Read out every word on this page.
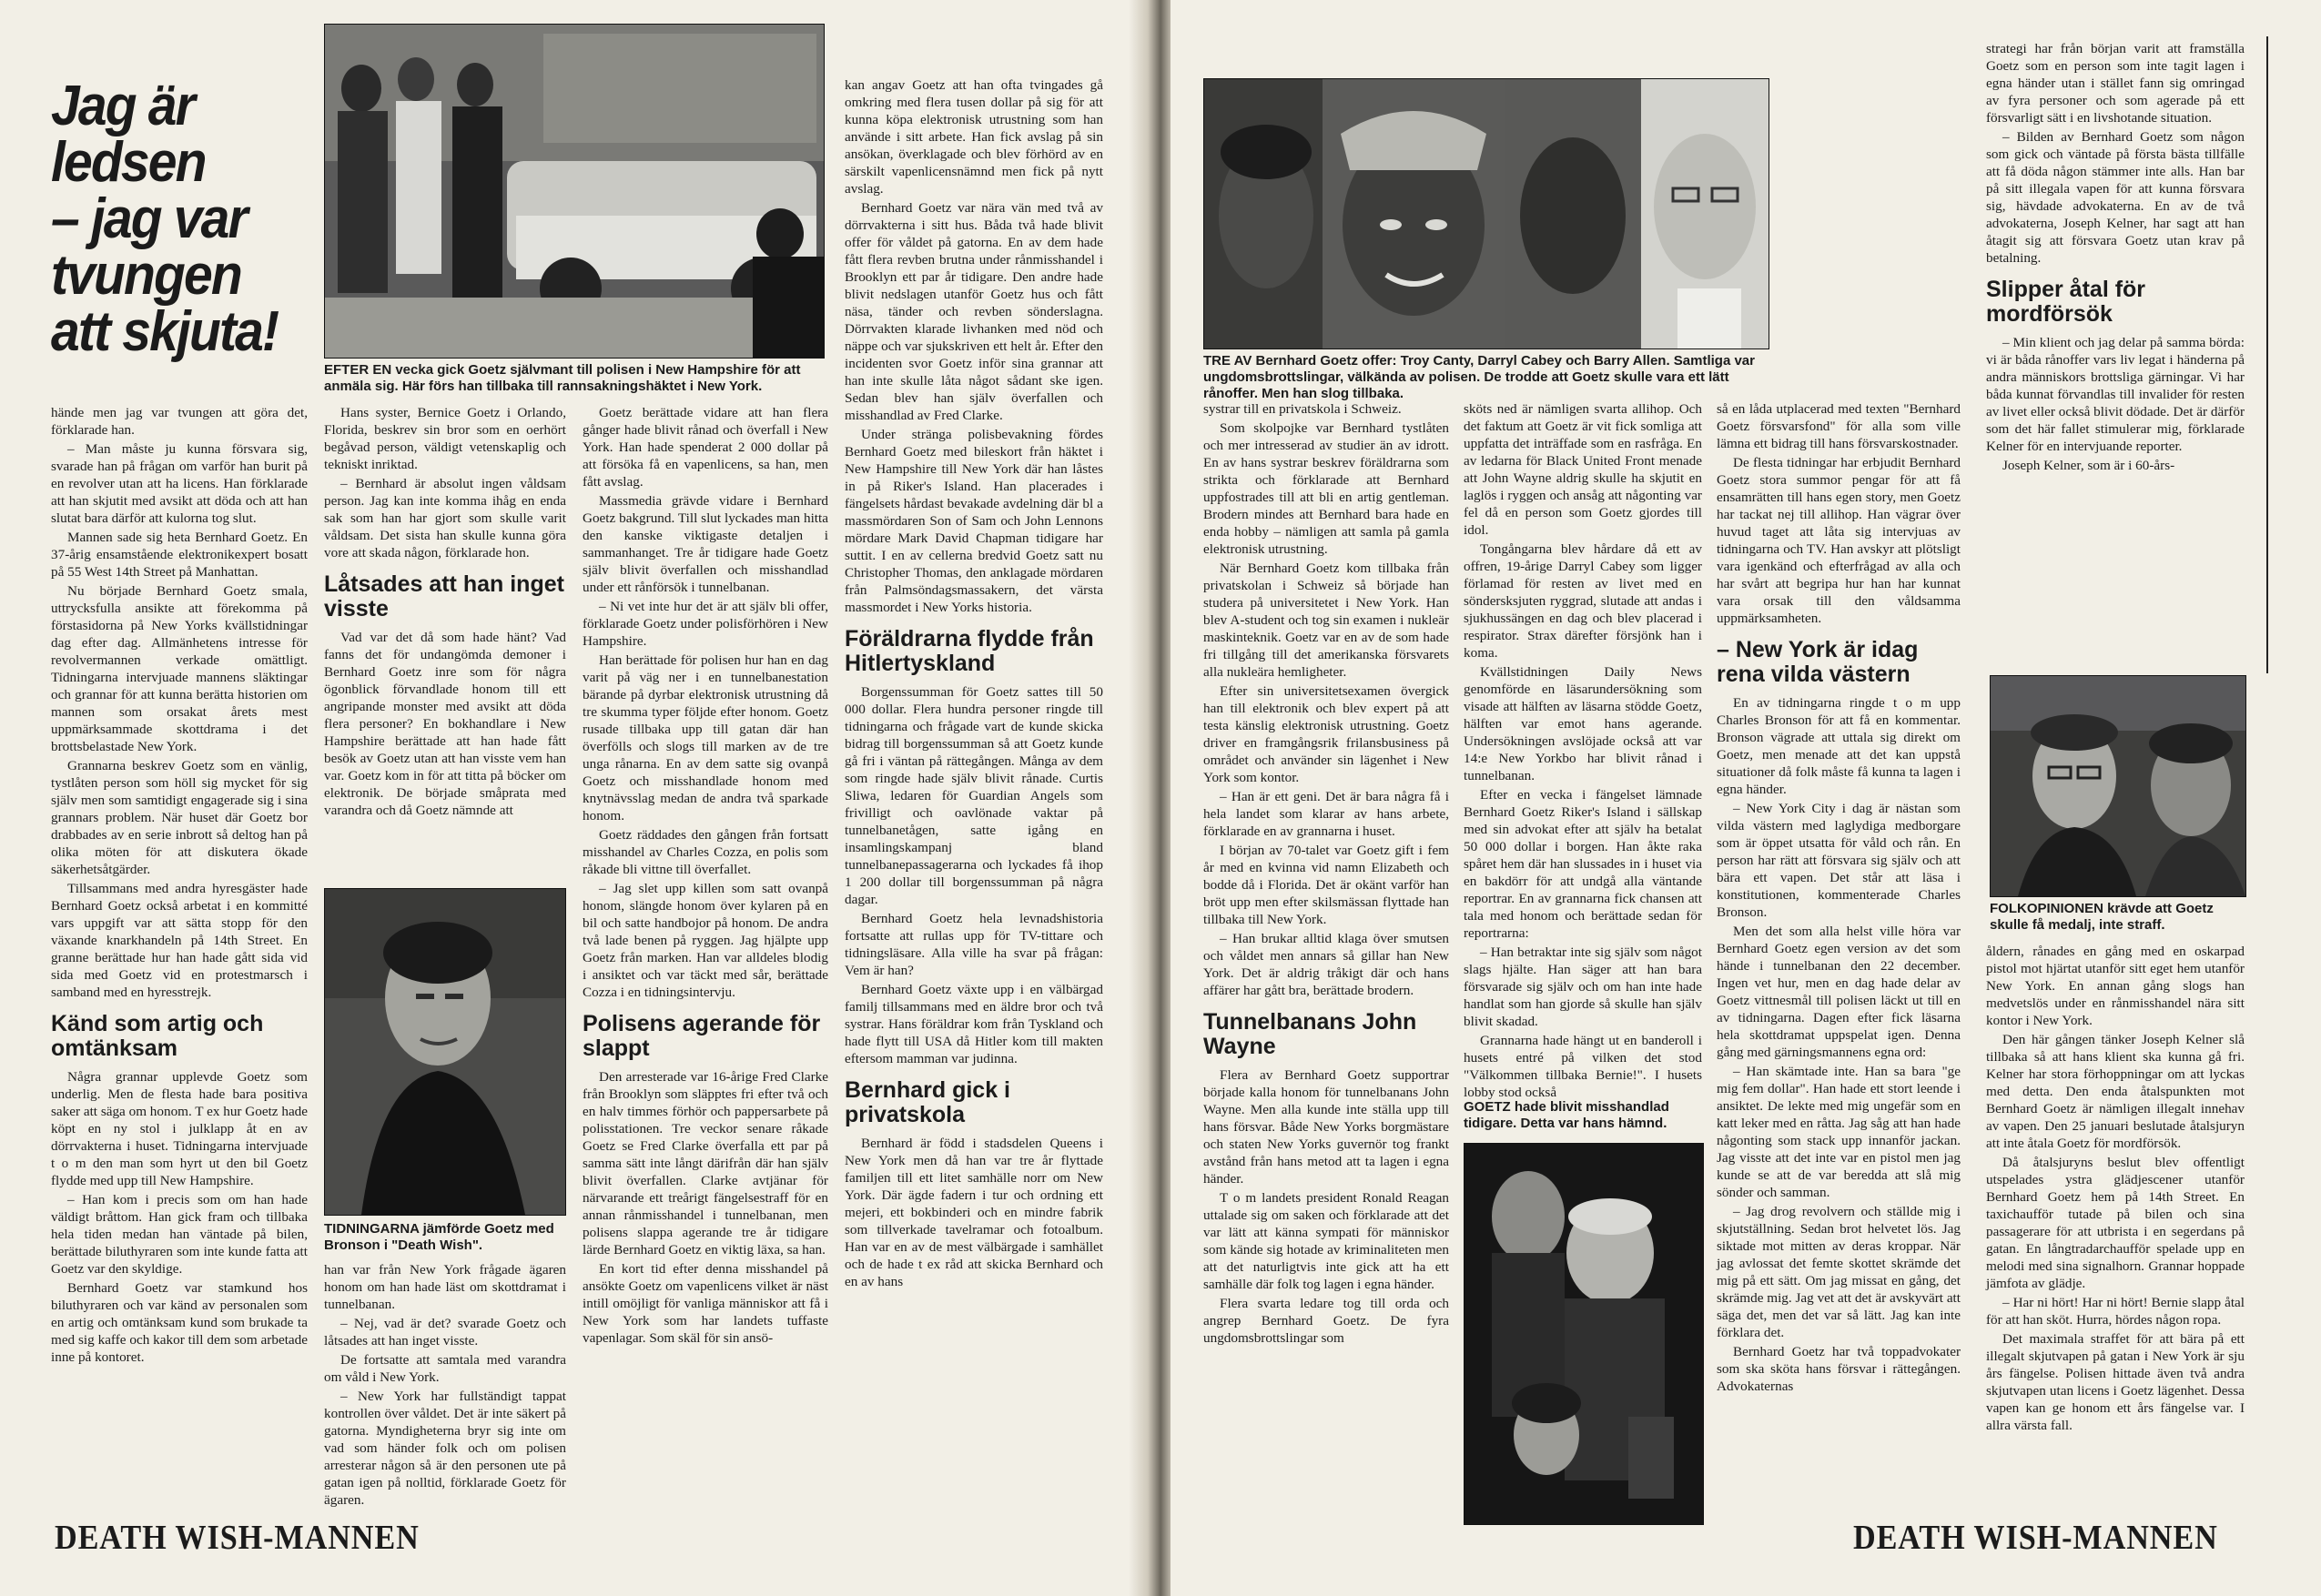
Jag är
ledsen
– jag var
tvungen
att skjuta!
EFTER EN vecka gick Goetz självmant till polisen i New Hampshire för att anmäla sig. Här förs han tillbaka till rannsakningshäktet i New York.

hände men jag var tvungen att göra det, förklarade han.

– Man måste ju kunna försvara sig, svarade han på frågan om varför han burit på en revolver utan att ha licens. Han förklarade att han skjutit med avsikt att döda och att han slutat bara därför att kulorna tog slut.

Mannen sade sig heta Bernhard Goetz. En 37-årig ensamstående elektronikexpert bosatt på 55 West 14th Street på Manhattan.

Nu började Bernhard Goetz smala, uttrycksfulla ansikte att förekomma på förstasidorna på New Yorks kvällstidningar dag efter dag. Allmänhetens intresse för revolvermannen verkade omättligt. Tidningarna intervjuade mannens släktingar och grannar för att kunna berätta historien om mannen som orsakat årets mest uppmärksammade skottdrama i det brottsbelastade New York.

Grannarna beskrev Goetz som en vänlig, tystlåten person som höll sig mycket för sig själv men som samtidigt engagerade sig i sina grannars problem. När huset där Goetz bor drabbades av en serie inbrott så deltog han på olika möten för att diskutera ökade säkerhetsåtgärder.

Tillsammans med andra hyresgäster hade Bernhard Goetz också arbetat i en kommitté vars uppgift var att sätta stopp för den växande knarkhandeln på 14th Street. En granne berättade hur han hade gått sida vid sida med Goetz vid en protestmarsch i samband med en hyresstrejk.

Känd som artig och omtänksam

Några grannar upplevde Goetz som underlig. Men de flesta hade bara positiva saker att säga om honom. T ex hur Goetz hade köpt en ny stol i julklapp åt en av dörrvakterna i huset. Tidningarna intervjuade t o m den man som hyrt ut den bil Goetz flydde med upp till New Hampshire.

– Han kom i precis som om han hade väldigt bråttom. Han gick fram och tillbaka hela tiden medan han väntade på bilen, berättade biluthyraren som inte kunde fatta att Goetz var den skyldige.

Bernhard Goetz var stamkund hos biluthyraren och var känd av personalen som en artig och omtänksam kund som brukade ta med sig kaffe och kakor till dem som arbetade inne på kontoret.

Hans syster, Bernice Goetz i Orlando, Florida, beskrev sin bror som en oerhört begåvad person, väldigt vetenskaplig och tekniskt inriktad.

– Bernhard är absolut ingen våldsam person. Jag kan inte komma ihåg en enda sak som han har gjort som skulle varit våldsam. Det sista han skulle kunna göra vore att skada någon, förklarade hon.

Låtsades att han inget visste

Vad var det då som hade hänt? Vad fanns det för undangömda demoner i Bernhard Goetz inre som för några ögonblick förvandlade honom till ett angripande monster med avsikt att döda flera personer? En bokhandlare i New Hampshire berättade att han hade fått besök av Goetz utan att han visste vem han var. Goetz kom in för att titta på böcker om elektronik. De började småprata med varandra och då Goetz nämnde att

TIDNINGARNA jämförde Goetz med Bronson i "Death Wish".

han var från New York frågade ägaren honom om han hade läst om skottdramat i tunnelbanan.

– Nej, vad är det? svarade Goetz och låtsades att han inget visste.

De fortsatte att samtala med varandra om våld i New York.

– New York har fullständigt tappat kontrollen över våldet. Det är inte säkert på gatorna. Myndigheterna bryr sig inte om vad som händer folk och om polisen arresterar någon så är den personen ute på gatan igen på nolltid, förklarade Goetz för ägaren.

Goetz berättade vidare att han flera gånger hade blivit rånad och överfall i New York. Han hade spenderat 2 000 dollar på att försöka få en vapenlicens, sa han, men fått avslag.

Massmedia grävde vidare i Bernhard Goetz bakgrund. Till slut lyckades man hitta den kanske viktigaste detaljen i sammanhanget. Tre år tidigare hade Goetz själv blivit överfallen och misshandlad under ett rånförsök i tunnelbanan.

– Ni vet inte hur det är att själv bli offer, förklarade Goetz under polisförhören i New Hampshire.

Han berättade för polisen hur han en dag varit på väg ner i en tunnelbanestation bärande på dyrbar elektronisk utrustning då tre skumma typer följde efter honom. Goetz rusade tillbaka upp till gatan där han överfölls och slogs till marken av de tre unga rånarna. En av dem satte sig ovanpå Goetz och misshandlade honom med knytnävsslag medan de andra två sparkade honom.

Goetz räddades den gången från fortsatt misshandel av Charles Cozza, en polis som råkade bli vittne till överfallet.

– Jag slet upp killen som satt ovanpå honom, slängde honom över kylaren på en bil och satte handbojor på honom. De andra två lade benen på ryggen. Jag hjälpte upp Goetz från marken. Han var alldeles blodig i ansiktet och var täckt med sår, berättade Cozza i en tidningsintervju.

Polisens agerande för slappt

Den arresterade var 16-årige Fred Clarke från Brooklyn som släpptes fri efter två och en halv timmes förhör och pappersarbete på polisstationen. Tre veckor senare råkade Goetz se Fred Clarke överfalla ett par på samma sätt inte långt därifrån där han själv blivit överfallen. Clarke avtjänar för närvarande ett treårigt fängelsestraff för en annan rånmisshandel i tunnelbanan, men polisens slappa agerande tre år tidigare lärde Bernhard Goetz en viktig läxa, sa han.

En kort tid efter denna misshandel på ansökte Goetz om vapenlicens vilket är näst intill omöjligt för vanliga människor att få i New York som har landets tuffaste vapenlagar. Som skäl för sin ansö-

kan angav Goetz att han ofta tvingades gå omkring med flera tusen dollar på sig för att kunna köpa elektronisk utrustning som han använde i sitt arbete. Han fick avslag på sin ansökan, överklagade och blev förhörd av en särskilt vapenlicensnämnd men fick på nytt avslag.

Bernhard Goetz var nära vän med två av dörrvakterna i sitt hus. Båda två hade blivit offer för våldet på gatorna. En av dem hade fått flera revben brutna under rånmisshandel i Brooklyn ett par år tidigare. Den andre hade blivit nedslagen utanför Goetz hus och fått näsa, tänder och revben sönderslagna. Dörrvakten klarade livhanken med nöd och näppe och var sjukskriven ett helt år. Efter den incidenten svor Goetz inför sina grannar att han inte skulle låta något sådant ske igen. Sedan blev han själv överfallen och misshandlad av Fred Clarke.

Under stränga polisbevakning fördes Bernhard Goetz med bileskort från häktet i New Hampshire till New York där han låstes in på Riker's Island. Han placerades i fängelsets hårdast bevakade avdelning där bl a massmördaren Son of Sam och John Lennons mördare Mark David Chapman tidigare har suttit. I en av cellerna bredvid Goetz satt nu Christopher Thomas, den anklagade mördaren från Palmsöndagsmassakern, det värsta massmordet i New Yorks historia.

Föräldrarna flydde från Hitlertyskland

Borgenssumman för Goetz sattes till 50 000 dollar. Flera hundra personer ringde till tidningarna och frågade vart de kunde skicka bidrag till borgenssumman så att Goetz kunde gå fri i väntan på rättegången. Många av dem som ringde hade själv blivit rånade. Curtis Sliwa, ledaren för Guardian Angels som frivilligt och oavlönade vaktar på tunnelbanetågen, satte igång en insamlingskampanj bland tunnelbanepassagerarna och lyckades få ihop 1 200 dollar till borgenssumman på några dagar.

Bernhard Goetz hela levnadshistoria fortsatte att rullas upp för TV-tittare och tidningsläsare. Alla ville ha svar på frågan: Vem är han?

Bernhard Goetz växte upp i en välbärgad familj tillsammans med en äldre bror och två systrar. Hans föräldrar kom från Tyskland och hade flytt till USA då Hitler kom till makten eftersom mamman var judinna.

Bernhard gick i privatskola

Bernhard är född i stadsdelen Queens i New York men då han var tre år flyttade familjen till ett litet samhälle norr om New York. Där ägde fadern i tur och ordning ett mejeri, ett bokbinderi och en mindre fabrik som tillverkade tavelramar och fotoalbum. Han var en av de mest välbärgade i samhället och de hade t ex råd att skicka Bernhard och en av hans

DEATH WISH-MANNEN
TRE AV Bernhard Goetz offer: Troy Canty, Darryl Cabey och Barry Allen. Samtliga var ungdomsbrottslingar, välkända av polisen. De trodde att Goetz skulle vara ett lätt rånoffer. Men han slog tillbaka.

systrar till en privatskola i Schweiz.

Som skolpojke var Bernhard tystlåten och mer intresserad av studier än av idrott. En av hans systrar beskrev föräldrarna som strikta och förklarade att Bernhard uppfostrades till att bli en artig gentleman. Brodern mindes att Bernhard bara hade en enda hobby – nämligen att samla på gamla elektronisk utrustning.

När Bernhard Goetz kom tillbaka från privatskolan i Schweiz så började han studera på universitetet i New York. Han blev A-student och tog sin examen i nukleär maskinteknik. Goetz var en av de som hade fri tillgång till det amerikanska försvarets alla nukleära hemligheter.

Efter sin universitetsexamen övergick han till elektronik och blev expert på att testa känslig elektronisk utrustning. Goetz driver en framgångsrik frilansbusiness på området och använder sin lägenhet i New York som kontor.

– Han är ett geni. Det är bara några få i hela landet som klarar av hans arbete, förklarade en av grannarna i huset.

I början av 70-talet var Goetz gift i fem år med en kvinna vid namn Elizabeth och bodde då i Florida. Det är okänt varför han bröt upp men efter skilsmässan flyttade han tillbaka till New York.

– Han brukar alltid klaga över smutsen och våldet men annars så gillar han New York. Det är aldrig tråkigt där och hans affärer har gått bra, berättade brodern.

Tunnelbanans John Wayne

Flera av Bernhard Goetz supportrar började kalla honom för tunnelbanans John Wayne. Men alla kunde inte ställa upp till hans försvar. Både New Yorks borgmästare och staten New Yorks guvernör tog frankt avstånd från hans metod att ta lagen i egna händer.

T o m landets president Ronald Reagan uttalade sig om saken och förklarade att det var lätt att känna sympati för människor som kände sig hotade av kriminaliteten men att det naturligtvis inte gick att ha ett samhälle där folk tog lagen i egna händer.

Flera svarta ledare tog till orda och angrep Bernhard Goetz. De fyra ungdomsbrottslingar som

sköts ned är nämligen svarta allihop. Och det faktum att Goetz är vit fick somliga att uppfatta det inträffade som en rasfråga. En av ledarna för Black United Front menade att John Wayne aldrig skulle ha skjutit en laglös i ryggen och ansåg att någonting var fel då en person som Goetz gjordes till idol.

Tongångarna blev hårdare då ett av offren, 19-årige Darryl Cabey som ligger förlamad för resten av livet med en söndersksjuten ryggrad, slutade att andas i sjukhussängen en dag och blev placerad i respirator. Strax därefter försjönk han i koma.

Kvällstidningen Daily News genomförde en läsarundersökning som visade att hälften av läsarna stödde Goetz, hälften var emot hans agerande. Undersökningen avslöjade också att var 14:e New Yorkbo har blivit rånad i tunnelbanan.

Efter en vecka i fängelset lämnade Bernhard Goetz Riker's Island i sällskap med sin advokat efter att själv ha betalat 50 000 dollar i borgen. Han åkte raka spåret hem där han slussades in i huset via en bakdörr för att undgå alla väntande reportrar. En av grannarna fick chansen att tala med honom och berättade sedan för reportrarna:

– Han betraktar inte sig själv som något slags hjälte. Han säger att han bara försvarade sig själv och om han inte hade handlat som han gjorde så skulle han själv blivit skadad.

Grannarna hade hängt ut en banderoll i husets entré på vilken det stod "Välkommen tillbaka Bernie!". I husets lobby stod också

GOETZ hade blivit misshandlad tidigare. Detta var hans hämnd.

så en låda utplacerad med texten "Bernhard Goetz försvarsfond" för alla som ville lämna ett bidrag till hans försvarskostnader.

De flesta tidningar har erbjudit Bernhard Goetz stora summor pengar för att få ensamrätten till hans egen story, men Goetz har tackat nej till allihop. Han vägrar över huvud taget att låta sig intervjuas av tidningarna och TV. Han avskyr att plötsligt vara igenkänd och efterfrågad av alla och har svårt att begripa hur han har kunnat vara orsak till den våldsamma uppmärksamheten.

– New York är idag rena vilda västern

En av tidningarna ringde t o m upp Charles Bronson för att få en kommentar. Bronson vägrade att uttala sig direkt om Goetz, men menade att det kan uppstå situationer då folk måste få kunna ta lagen i egna händer.

– New York City i dag är nästan som vilda västern med laglydiga medborgare som är öppet utsatta för våld och rån. En person har rätt att försvara sig själv och att bära ett vapen. Det står att läsa i konstitutionen, kommenterade Charles Bronson.

Men det som alla helst ville höra var Bernhard Goetz egen version av det som hände i tunnelbanan den 22 december. Ingen vet hur, men en dag hade delar av Goetz vittnesmål till polisen läckt ut till en av tidningarna. Dagen efter fick läsarna hela skottdramat uppspelat igen. Denna gång med gärningsmannens egna ord:

– Han skämtade inte. Han sa bara "ge mig fem dollar". Han hade ett stort leende i ansiktet. De lekte med mig ungefär som en katt leker med en råtta. Jag såg att han hade någonting som stack upp innanför jackan. Jag visste att det inte var en pistol men jag kunde se att de var beredda att slå mig sönder och samman.

– Jag drog revolvern och ställde mig i skjutställning. Sedan brot helvetet lös. Jag siktade mot mitten av deras kroppar. När jag avlossat det femte skottet skrämde det mig på ett sätt. Om jag missat en gång, det skrämde mig. Jag vet att det är avskyvärt att säga det, men det var så lätt. Jag kan inte förklara det.

Bernhard Goetz har två toppadvokater som ska sköta hans försvar i rättegången. Advokaternas

strategi har från början varit att framställa Goetz som en person som inte tagit lagen i egna händer utan i stället fann sig omringad av fyra personer och som agerade på ett försvarligt sätt i en livshotande situation.

– Bilden av Bernhard Goetz som någon som gick och väntade på första bästa tillfälle att få döda någon stämmer inte alls. Han bar på sitt illegala vapen för att kunna försvara sig, hävdade advokaterna. En av de två advokaterna, Joseph Kelner, har sagt att han åtagit sig att försvara Goetz utan krav på betalning.

Slipper åtal för mordförsök

– Min klient och jag delar på samma börda: vi är båda rånoffer vars liv legat i händerna på andra människors brottsliga gärningar. Vi har båda kunnat förvandlas till invalider för resten av livet eller också blivit dödade. Det är därför som det här fallet stimulerar mig, förklarade Kelner för en intervjuande reporter.

Joseph Kelner, som är i 60-års-

FOLKOPINIONEN krävde att Goetz skulle få medalj, inte straff.

åldern, rånades en gång med en oskarpad pistol mot hjärtat utanför sitt eget hem utanför New York. En annan gång slogs han medvetslös under en rånmisshandel nära sitt kontor i New York.

Den här gången tänker Joseph Kelner slå tillbaka så att hans klient ska kunna gå fri. Kelner har stora förhoppningar om att lyckas med detta. Den enda åtalspunkten mot Bernhard Goetz är nämligen illegalt innehav av vapen. Den 25 januari beslutade åtalsjuryn att inte åtala Goetz för mordförsök.

Då åtalsjuryns beslut blev offentligt utspelades ystra glädjescener utanför Bernhard Goetz hem på 14th Street. En taxichaufför tutade på bilen och sina passagerare för att utbrista i en segerdans på gatan. En långtradarchaufför spelade upp en melodi med sina signalhorn. Grannar hoppade jämfota av glädje.

– Har ni hört! Har ni hört! Bernie slapp åtal för att han sköt. Hurra, hördes någon ropa.

Det maximala straffet för att bära på ett illegalt skjutvapen på gatan i New York är sju års fängelse. Polisen hittade även två andra skjutvapen utan licens i Goetz lägenhet. Dessa vapen kan ge honom ett års fängelse var. I allra värsta fall.

DEATH WISH-MANNEN
